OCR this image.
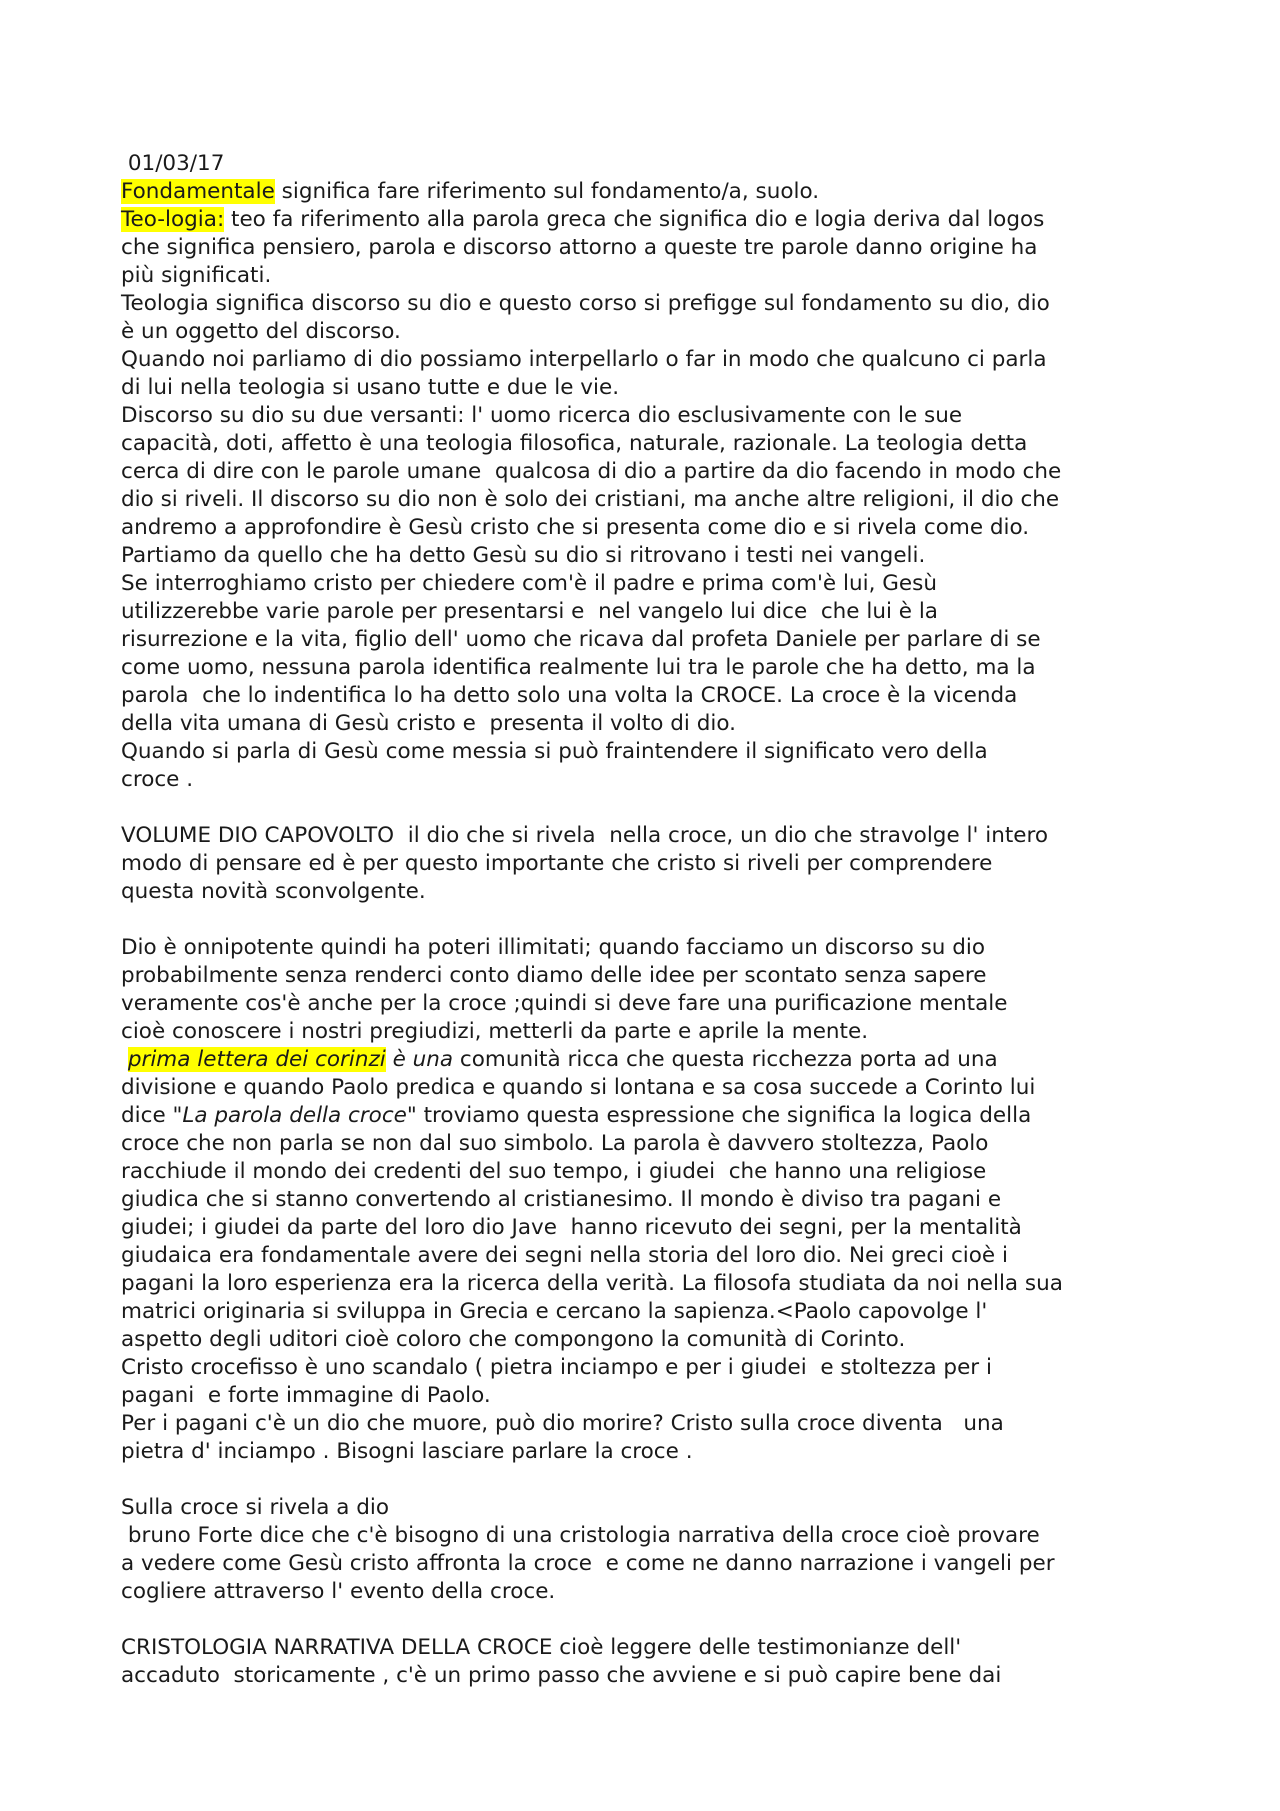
01/03/17
Fondamentale significa fare riferimento sul fondamento/a, suolo.
Teo-logia: teo fa riferimento alla parola greca che significa dio e logia deriva dal logos
che significa pensiero, parola e discorso attorno a queste tre parole danno origine ha
più significati.
Teologia significa discorso su dio e questo corso si prefigge sul fondamento su dio, dio
è un oggetto del discorso.
Quando noi parliamo di dio possiamo interpellarlo o far in modo che qualcuno ci parla
di lui nella teologia si usano tutte e due le vie.
Discorso su dio su due versanti: l' uomo ricerca dio esclusivamente con le sue
capacità, doti, affetto è una teologia filosofica, naturale, razionale. La teologia detta
cerca di dire con le parole umane  qualcosa di dio a partire da dio facendo in modo che
dio si riveli. Il discorso su dio non è solo dei cristiani, ma anche altre religioni, il dio che
andremo a approfondire è Gesù cristo che si presenta come dio e si rivela come dio.
Partiamo da quello che ha detto Gesù su dio si ritrovano i testi nei vangeli.
Se interroghiamo cristo per chiedere com'è il padre e prima com'è lui, Gesù
utilizzerebbe varie parole per presentarsi e  nel vangelo lui dice  che lui è la
risurrezione e la vita, figlio dell' uomo che ricava dal profeta Daniele per parlare di se
come uomo, nessuna parola identifica realmente lui tra le parole che ha detto, ma la
parola  che lo indentifica lo ha detto solo una volta la CROCE. La croce è la vicenda
della vita umana di Gesù cristo e  presenta il volto di dio.
Quando si parla di Gesù come messia si può fraintendere il significato vero della
croce .
VOLUME DIO CAPOVOLTO  il dio che si rivela  nella croce, un dio che stravolge l' intero
modo di pensare ed è per questo importante che cristo si riveli per comprendere
questa novità sconvolgente.
Dio è onnipotente quindi ha poteri illimitati; quando facciamo un discorso su dio
probabilmente senza renderci conto diamo delle idee per scontato senza sapere
veramente cos'è anche per la croce ;quindi si deve fare una purificazione mentale
cioè conoscere i nostri pregiudizi, metterli da parte e aprile la mente.
prima lettera dei corinzi è una comunità ricca che questa ricchezza porta ad una
divisione e quando Paolo predica e quando si lontana e sa cosa succede a Corinto lui
dice "La parola della croce" troviamo questa espressione che significa la logica della
croce che non parla se non dal suo simbolo. La parola è davvero stoltezza, Paolo
racchiude il mondo dei credenti del suo tempo, i giudei  che hanno una religiose
giudica che si stanno convertendo al cristianesimo. Il mondo è diviso tra pagani e
giudei; i giudei da parte del loro dio Jave  hanno ricevuto dei segni, per la mentalità
giudaica era fondamentale avere dei segni nella storia del loro dio. Nei greci cioè i
pagani la loro esperienza era la ricerca della verità. La filosofa studiata da noi nella sua
matrici originaria si sviluppa in Grecia e cercano la sapienza.<Paolo capovolge l'
aspetto degli uditori cioè coloro che compongono la comunità di Corinto.
Cristo crocefisso è uno scandalo ( pietra inciampo e per i giudei  e stoltezza per i
pagani  e forte immagine di Paolo.
Per i pagani c'è un dio che muore, può dio morire? Cristo sulla croce diventa   una
pietra d' inciampo . Bisogni lasciare parlare la croce .
Sulla croce si rivela a dio
bruno Forte dice che c'è bisogno di una cristologia narrativa della croce cioè provare
a vedere come Gesù cristo affronta la croce  e come ne danno narrazione i vangeli per
cogliere attraverso l' evento della croce.
CRISTOLOGIA NARRATIVA DELLA CROCE cioè leggere delle testimonianze dell'
accaduto  storicamente , c'è un primo passo che avviene e si può capire bene dai
